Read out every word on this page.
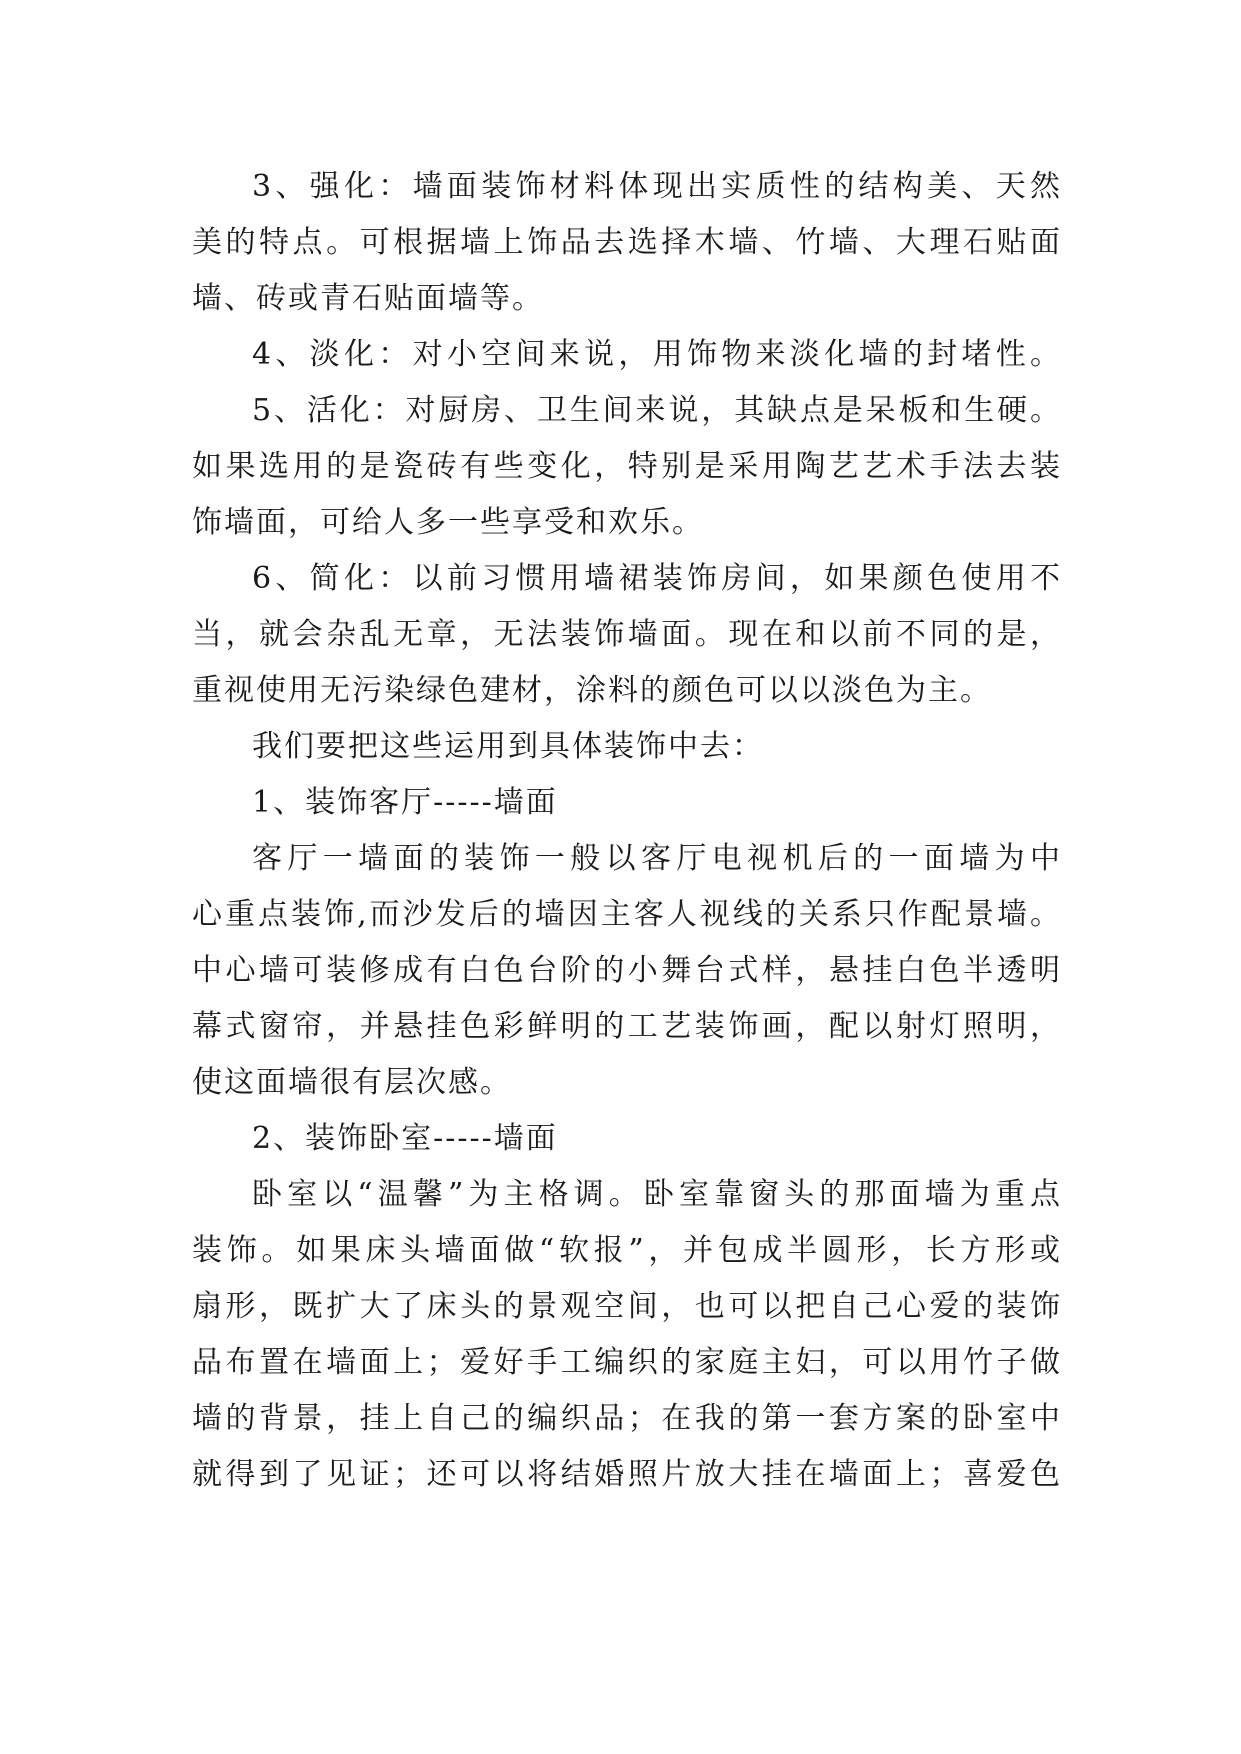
3、强化：墙面装饰材料体现出实质性的结构美、天然
美的特点。可根据墙上饰品去选择木墙、竹墙、大理石贴面
墙、砖或青石贴面墙等。
4、淡化：对小空间来说，用饰物来淡化墙的封堵性。
5、活化：对厨房、卫生间来说，其缺点是呆板和生硬。
如果选用的是瓷砖有些变化，特别是采用陶艺艺术手法去装
饰墙面，可给人多一些享受和欢乐。
6、简化：以前习惯用墙裙装饰房间，如果颜色使用不
当，就会杂乱无章，无法装饰墙面。现在和以前不同的是，
重视使用无污染绿色建材，涂料的颜色可以以淡色为主。
我们要把这些运用到具体装饰中去：
1、装饰客厅-----墙面
客厅一墙面的装饰一般以客厅电视机后的一面墙为中
心重点装饰,而沙发后的墙因主客人视线的关系只作配景墙。
中心墙可装修成有白色台阶的小舞台式样，悬挂白色半透明
幕式窗帘，并悬挂色彩鲜明的工艺装饰画，配以射灯照明，
使这面墙很有层次感。
2、装饰卧室-----墙面
卧室以“温馨”为主格调。卧室靠窗头的那面墙为重点
装饰。如果床头墙面做“软报”，并包成半圆形，长方形或
扇形，既扩大了床头的景观空间，也可以把自己心爱的装饰
品布置在墙面上；爱好手工编织的家庭主妇，可以用竹子做
墙的背景，挂上自己的编织品；在我的第一套方案的卧室中
就得到了见证；还可以将结婚照片放大挂在墙面上；喜爱色
